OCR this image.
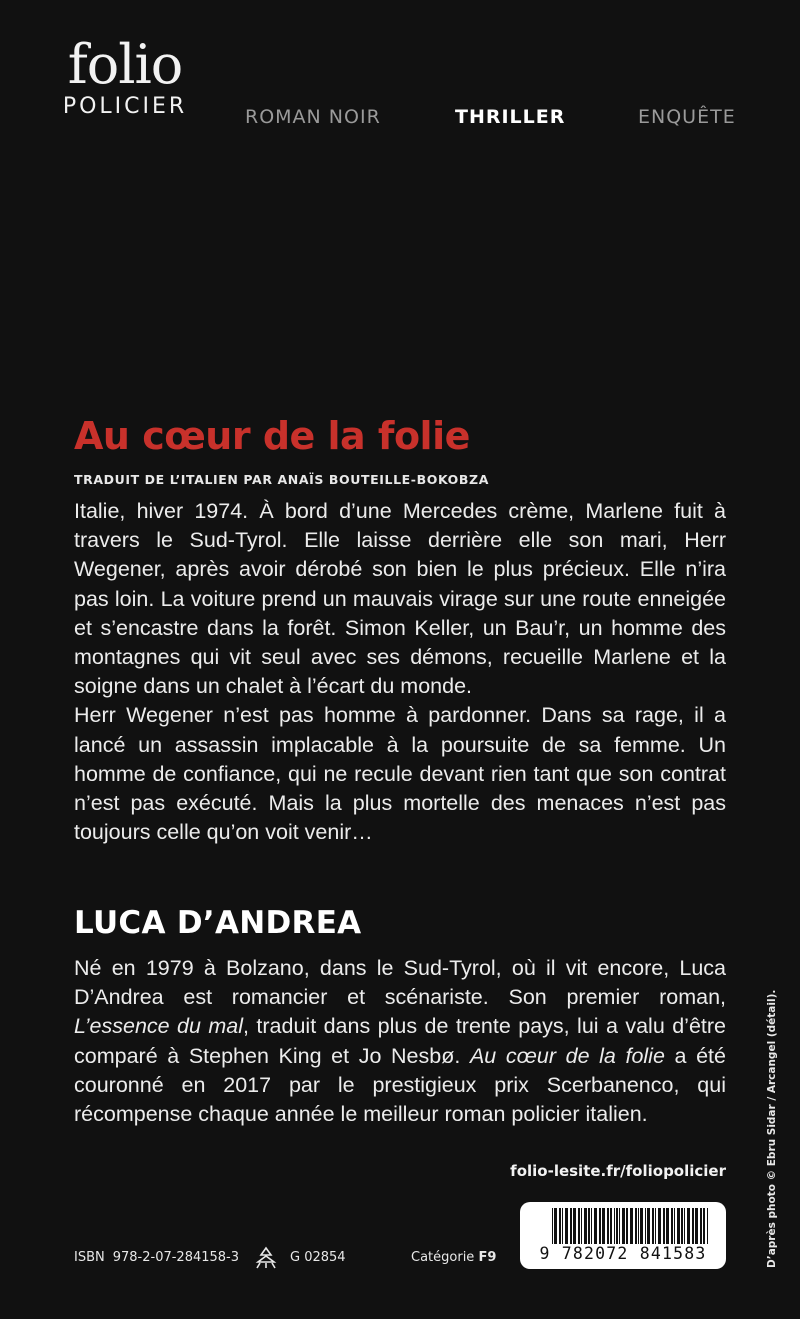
folio
POLICIER	ROMAN NOIR	THRILLER	ENQUÊTE
Au cœur de la folie
TRADUIT DE L’ITALIEN PAR ANAÏS BOUTEILLE-BOKOBZA

Italie, hiver 1974. À bord d’une Mercedes crème, Marlene fuit à travers le Sud-Tyrol. Elle laisse derrière elle son mari, Herr Wegener, après avoir dérobé son bien le plus précieux. Elle n’ira pas loin. La voiture prend un mauvais virage sur une route enneigée et s’encastre dans la forêt. Simon Keller, un Bau’r, un homme des montagnes qui vit seul avec ses démons, recueille Marlene et la soigne dans un chalet à l’écart du monde.

Herr Wegener n’est pas homme à pardonner. Dans sa rage, il a lancé un assassin implacable à la poursuite de sa femme. Un homme de confiance, qui ne recule devant rien tant que son contrat n’est pas exécuté. Mais la plus mortelle des menaces n’est pas toujours celle qu’on voit venir…

LUCA D’ANDREA
Né en 1979 à Bolzano, dans le Sud-Tyrol, où il vit encore, Luca D’Andrea est romancier et scénariste. Son premier roman, L’essence du mal, traduit dans plus de trente pays, lui a valu d’être comparé à Stephen King et Jo Nesbø. Au cœur de la folie a été couronné en 2017 par le prestigieux prix Scerbanenco, qui récompense chaque année le meilleur roman policier italien.
folio-lesite.fr/foliopolicier
ISBN 978-2-07-284158-3	G 02854	Catégorie F9	9 782072 841583	D’après photo © Ebru Sidar / Arcangel (détail).
